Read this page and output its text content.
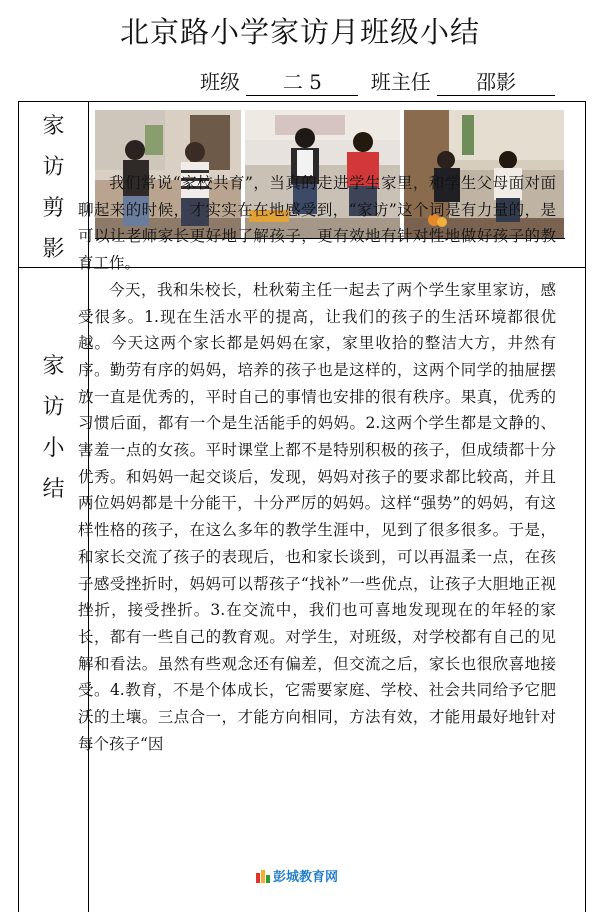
北京路小学家访月班级小结
班级 二 5 班主任 邵影
家
访
剪
影
家
访
小
结

我们常说“家校共育”，当真的走进学生家里，和学生父母面对面聊起来的时候，才实实在在地感受到，“家访”这个词是有力量的，是可以让老师家长更好地了解孩子，更有效地有针对性地做好孩子的教育工作。

今天，我和朱校长，杜秋菊主任一起去了两个学生家里家访，感受很多。1.现在生活水平的提高，让我们的孩子的生活环境都很优越。今天这两个家长都是妈妈在家，家里收拾的整洁大方，井然有序。勤劳有序的妈妈，培养的孩子也是这样的，这两个同学的抽屉摆放一直是优秀的，平时自己的事情也安排的很有秩序。果真，优秀的习惯后面，都有一个是生活能手的妈妈。2.这两个学生都是文静的、害羞一点的女孩。平时课堂上都不是特别积极的孩子，但成绩都十分优秀。和妈妈一起交谈后，发现，妈妈对孩子的要求都比较高，并且两位妈妈都是十分能干，十分严厉的妈妈。这样“强势”的妈妈，有这样性格的孩子，在这么多年的教学生涯中，见到了很多很多。于是，和家长交流了孩子的表现后，也和家长谈到，可以再温柔一点，在孩子感受挫折时，妈妈可以帮孩子“找补”一些优点，让孩子大胆地正视挫折，接受挫折。3.在交流中，我们也可喜地发现现在的年轻的家长，都有一些自己的教育观。对学生，对班级，对学校都有自己的见解和看法。虽然有些观念还有偏差，但交流之后，家长也很欣喜地接受。4.教育，不是个体成长，它需要家庭、学校、社会共同给予它肥沃的土壤。三点合一，才能方向相同，方法有效，才能用最好地针对每个孩子“因

彭城教育网
